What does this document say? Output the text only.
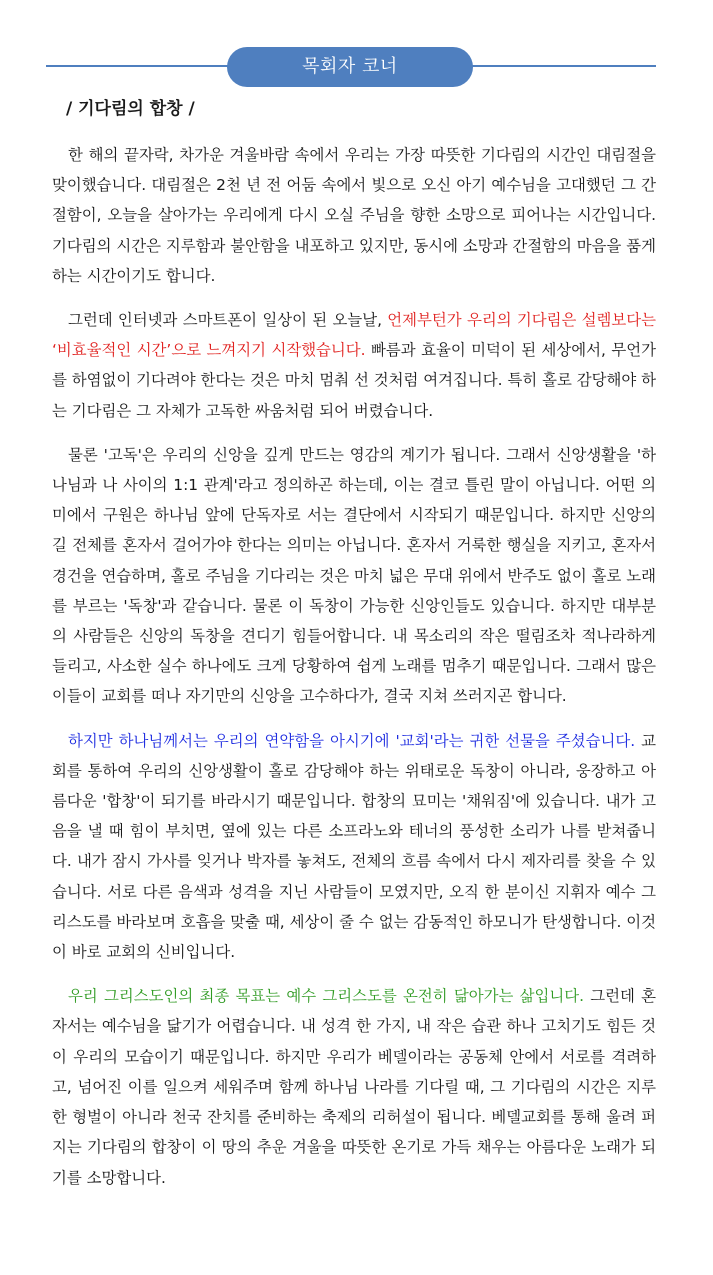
목회자 코너
/ 기다림의 합창 /

한 해의 끝자락, 차가운 겨울바람 속에서 우리는 가장 따뜻한 기다림의 시간인 대림절을 맞이했습니다. 대림절은 2천 년 전 어둠 속에서 빛으로 오신 아기 예수님을 고대했던 그 간절함이, 오늘을 살아가는 우리에게 다시 오실 주님을 향한 소망으로 피어나는 시간입니다. 기다림의 시간은 지루함과 불안함을 내포하고 있지만, 동시에 소망과 간절함의 마음을 품게 하는 시간이기도 합니다.

그런데 인터넷과 스마트폰이 일상이 된 오늘날, 언제부턴가 우리의 기다림은 설렘보다는 ‘비효율적인 시간’으로 느껴지기 시작했습니다. 빠름과 효율이 미덕이 된 세상에서, 무언가를 하염없이 기다려야 한다는 것은 마치 멈춰 선 것처럼 여겨집니다. 특히 홀로 감당해야 하는 기다림은 그 자체가 고독한 싸움처럼 되어 버렸습니다.

물론 '고독'은 우리의 신앙을 깊게 만드는 영감의 계기가 됩니다. 그래서 신앙생활을 '하나님과 나 사이의 1:1 관계'라고 정의하곤 하는데, 이는 결코 틀린 말이 아닙니다. 어떤 의미에서 구원은 하나님 앞에 단독자로 서는 결단에서 시작되기 때문입니다. 하지만 신앙의 길 전체를 혼자서 걸어가야 한다는 의미는 아닙니다. 혼자서 거룩한 행실을 지키고, 혼자서 경건을 연습하며, 홀로 주님을 기다리는 것은 마치 넓은 무대 위에서 반주도 없이 홀로 노래를 부르는 '독창'과 같습니다. 물론 이 독창이 가능한 신앙인들도 있습니다. 하지만 대부분의 사람들은 신앙의 독창을 견디기 힘들어합니다. 내 목소리의 작은 떨림조차 적나라하게 들리고, 사소한 실수 하나에도 크게 당황하여 쉽게 노래를 멈추기 때문입니다. 그래서 많은 이들이 교회를 떠나 자기만의 신앙을 고수하다가, 결국 지쳐 쓰러지곤 합니다.

하지만 하나님께서는 우리의 연약함을 아시기에 '교회'라는 귀한 선물을 주셨습니다. 교회를 통하여 우리의 신앙생활이 홀로 감당해야 하는 위태로운 독창이 아니라, 웅장하고 아름다운 '합창'이 되기를 바라시기 때문입니다. 합창의 묘미는 '채워짐'에 있습니다. 내가 고음을 낼 때 힘이 부치면, 옆에 있는 다른 소프라노와 테너의 풍성한 소리가 나를 받쳐줍니다. 내가 잠시 가사를 잊거나 박자를 놓쳐도, 전체의 흐름 속에서 다시 제자리를 찾을 수 있습니다. 서로 다른 음색과 성격을 지닌 사람들이 모였지만, 오직 한 분이신 지휘자 예수 그리스도를 바라보며 호흡을 맞출 때, 세상이 줄 수 없는 감동적인 하모니가 탄생합니다. 이것이 바로 교회의 신비입니다.

우리 그리스도인의 최종 목표는 예수 그리스도를 온전히 닮아가는 삶입니다. 그런데 혼자서는 예수님을 닮기가 어렵습니다. 내 성격 한 가지, 내 작은 습관 하나 고치기도 힘든 것이 우리의 모습이기 때문입니다. 하지만 우리가 베델이라는 공동체 안에서 서로를 격려하고, 넘어진 이를 일으켜 세워주며 함께 하나님 나라를 기다릴 때, 그 기다림의 시간은 지루한 형벌이 아니라 천국 잔치를 준비하는 축제의 리허설이 됩니다. 베델교회를 통해 울려 퍼지는 기다림의 합창이 이 땅의 추운 겨울을 따뜻한 온기로 가득 채우는 아름다운 노래가 되기를 소망합니다.
